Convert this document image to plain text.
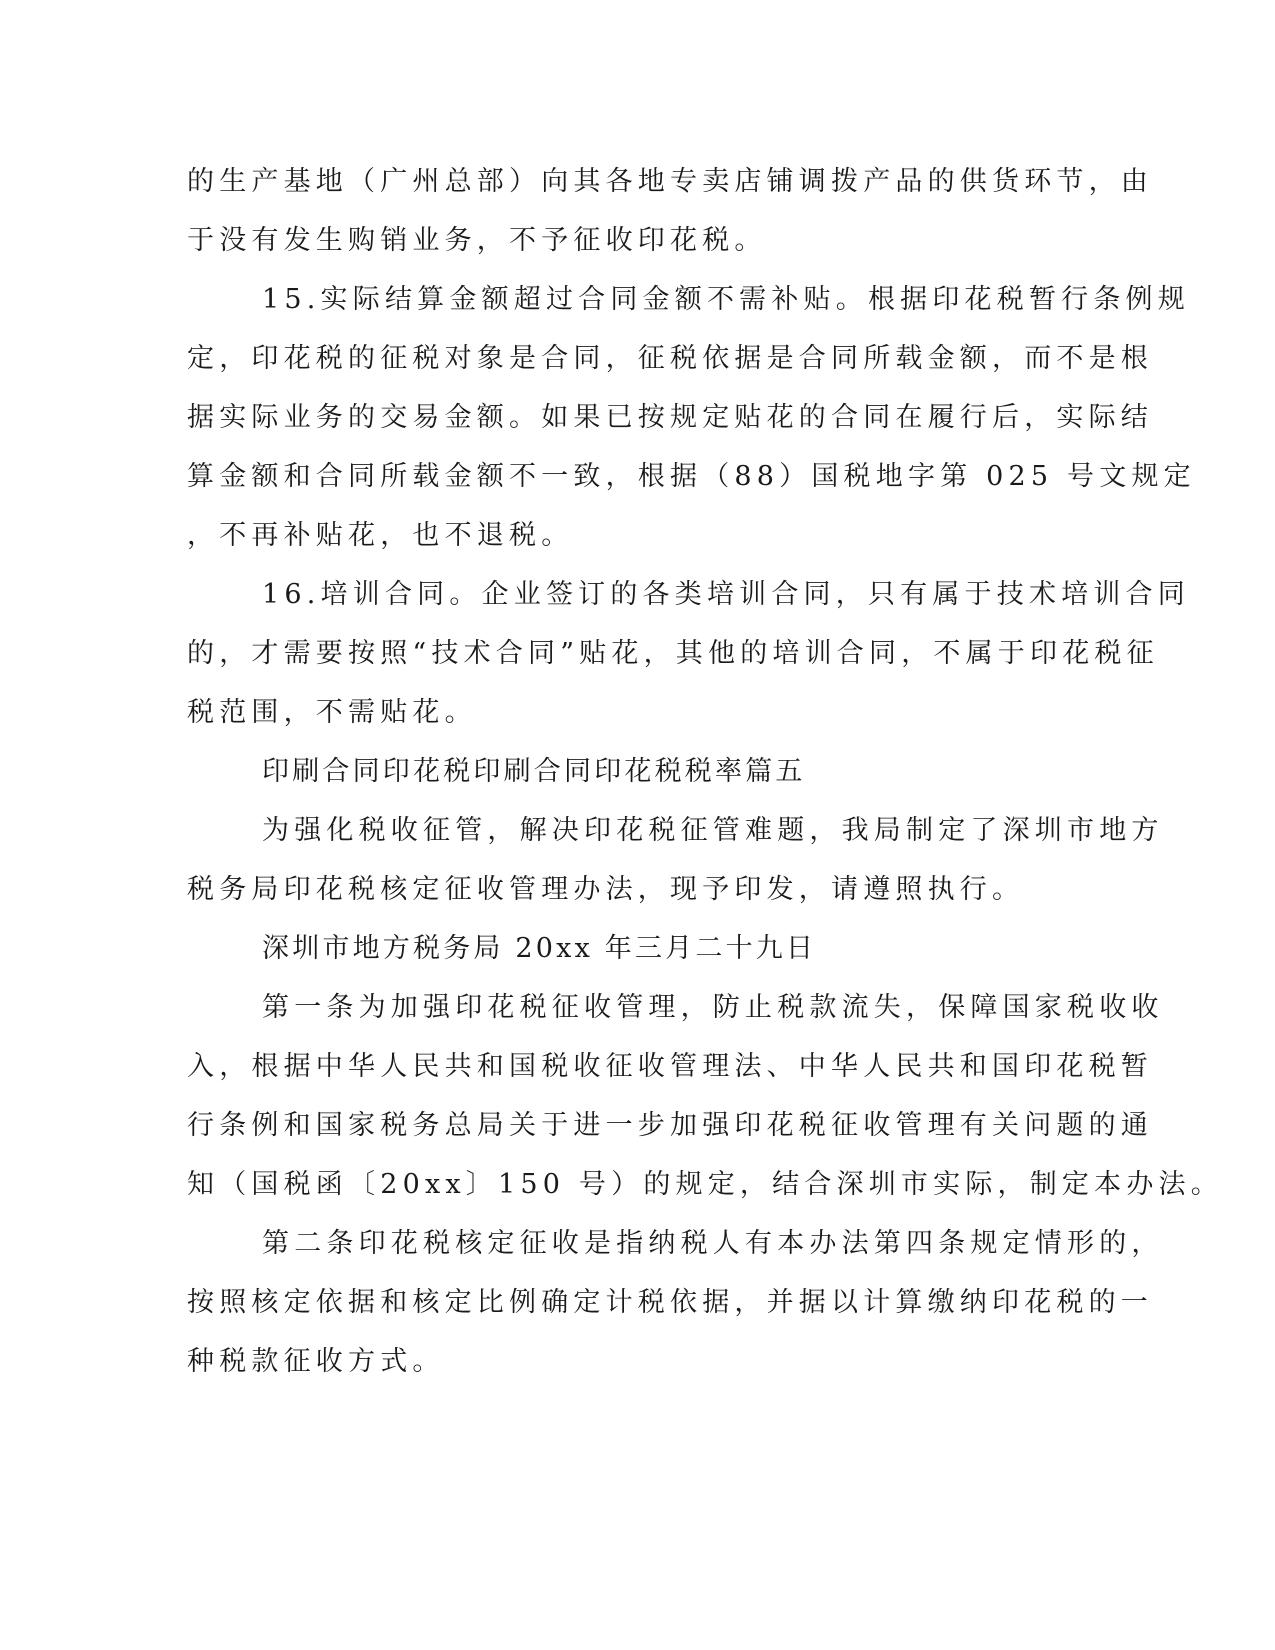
的生产基地（广州总部）向其各地专卖店铺调拨产品的供货环节，由

于没有发生购销业务，不予征收印花税。

15.实际结算金额超过合同金额不需补贴。根据印花税暂行条例规

定，印花税的征税对象是合同，征税依据是合同所载金额，而不是根

据实际业务的交易金额。如果已按规定贴花的合同在履行后，实际结

算金额和合同所载金额不一致，根据（88）国税地字第 025 号文规定

，不再补贴花，也不退税。

16.培训合同。企业签订的各类培训合同，只有属于技术培训合同

的，才需要按照“技术合同”贴花，其他的培训合同，不属于印花税征

税范围，不需贴花。

印刷合同印花税印刷合同印花税税率篇五

为强化税收征管，解决印花税征管难题，我局制定了深圳市地方

税务局印花税核定征收管理办法，现予印发，请遵照执行。

深圳市地方税务局 20xx 年三月二十九日

第一条为加强印花税征收管理，防止税款流失，保障国家税收收

入，根据中华人民共和国税收征收管理法、中华人民共和国印花税暂

行条例和国家税务总局关于进一步加强印花税征收管理有关问题的通

知（国税函〔20xx〕150 号）的规定，结合深圳市实际，制定本办法。

第二条印花税核定征收是指纳税人有本办法第四条规定情形的，

按照核定依据和核定比例确定计税依据，并据以计算缴纳印花税的一

种税款征收方式。
